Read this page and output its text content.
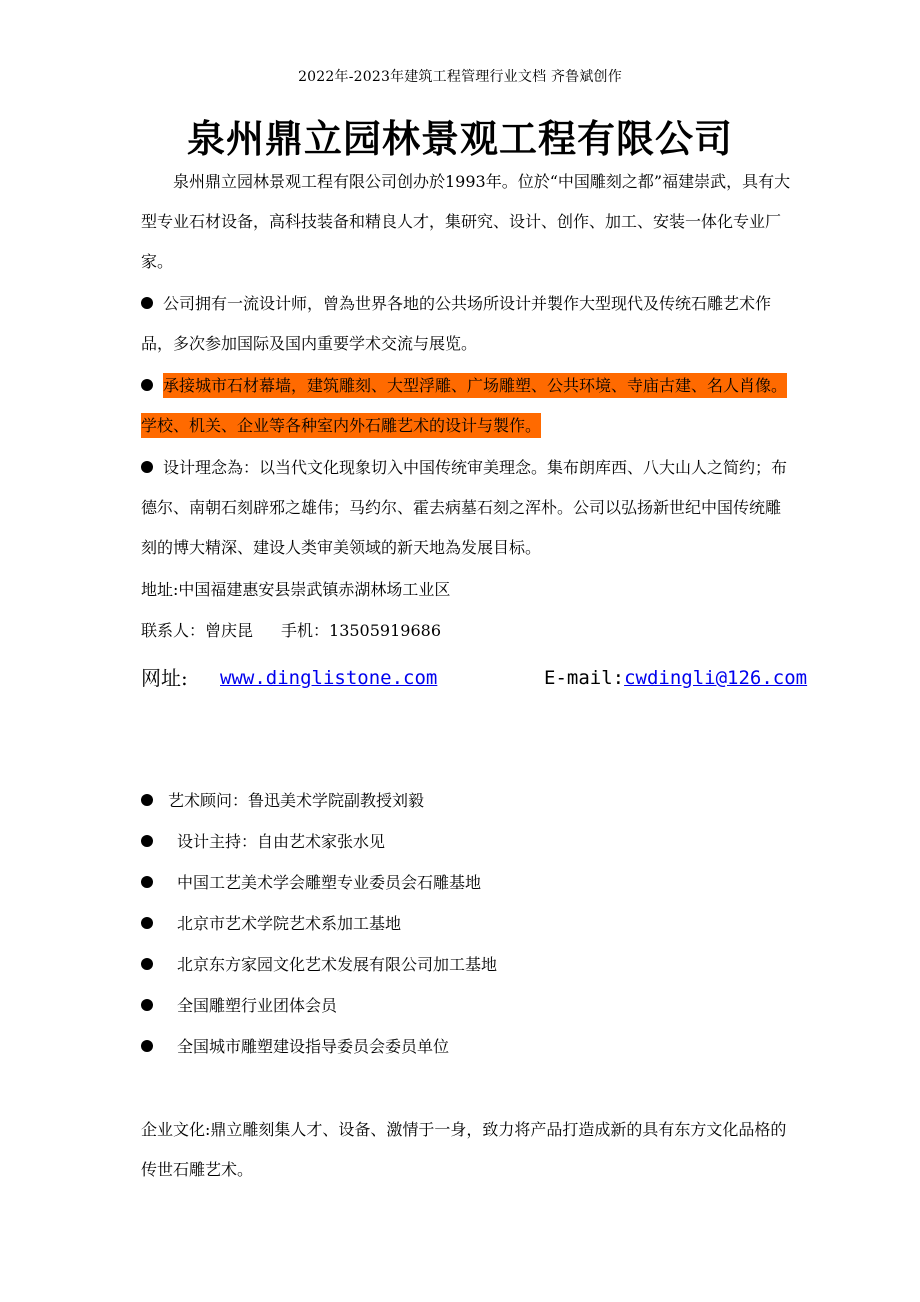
2022年-2023年建筑工程管理行业文档 齐鲁斌创作
泉州鼎立园林景观工程有限公司
泉州鼎立园林景观工程有限公司创办於1993年。位於“中国雕刻之都”福建崇武，具有大型专业石材设备，高科技装备和精良人才，集研究、设计、创作、加工、安装一体化专业厂家。
公司拥有一流设计师，曾為世界各地的公共场所设计并製作大型现代及传统石雕艺术作品，多次参加国际及国内重要学术交流与展览。
承接城市石材幕墙，建筑雕刻、大型浮雕、广场雕塑、公共环境、寺庙古建、名人肖像。学校、机关、企业等各种室内外石雕艺术的设计与製作。
设计理念為：以当代文化现象切入中国传统审美理念。集布朗库西、八大山人之简约；布德尔、南朝石刻辟邪之雄伟；马约尔、霍去病墓石刻之浑朴。公司以弘扬新世纪中国传统雕刻的博大精深、建设人类审美领域的新天地為发展目标。
地址:中国福建惠安县崇武镇赤湖林场工业区
联系人：曾庆昆 手机：13505919686
网址: www.dinglistone.com	E-mail:cwdingli@126.com
艺术顾问：鲁迅美术学院副教授刘毅
设计主持：自由艺术家张水见
中国工艺美术学会雕塑专业委员会石雕基地
北京市艺术学院艺术系加工基地
北京东方家园文化艺术发展有限公司加工基地
全国雕塑行业团体会员
全国城市雕塑建设指导委员会委员单位
企业文化:鼎立雕刻集人才、设备、激情于一身，致力将产品打造成新的具有东方文化品格的传世石雕艺术。
